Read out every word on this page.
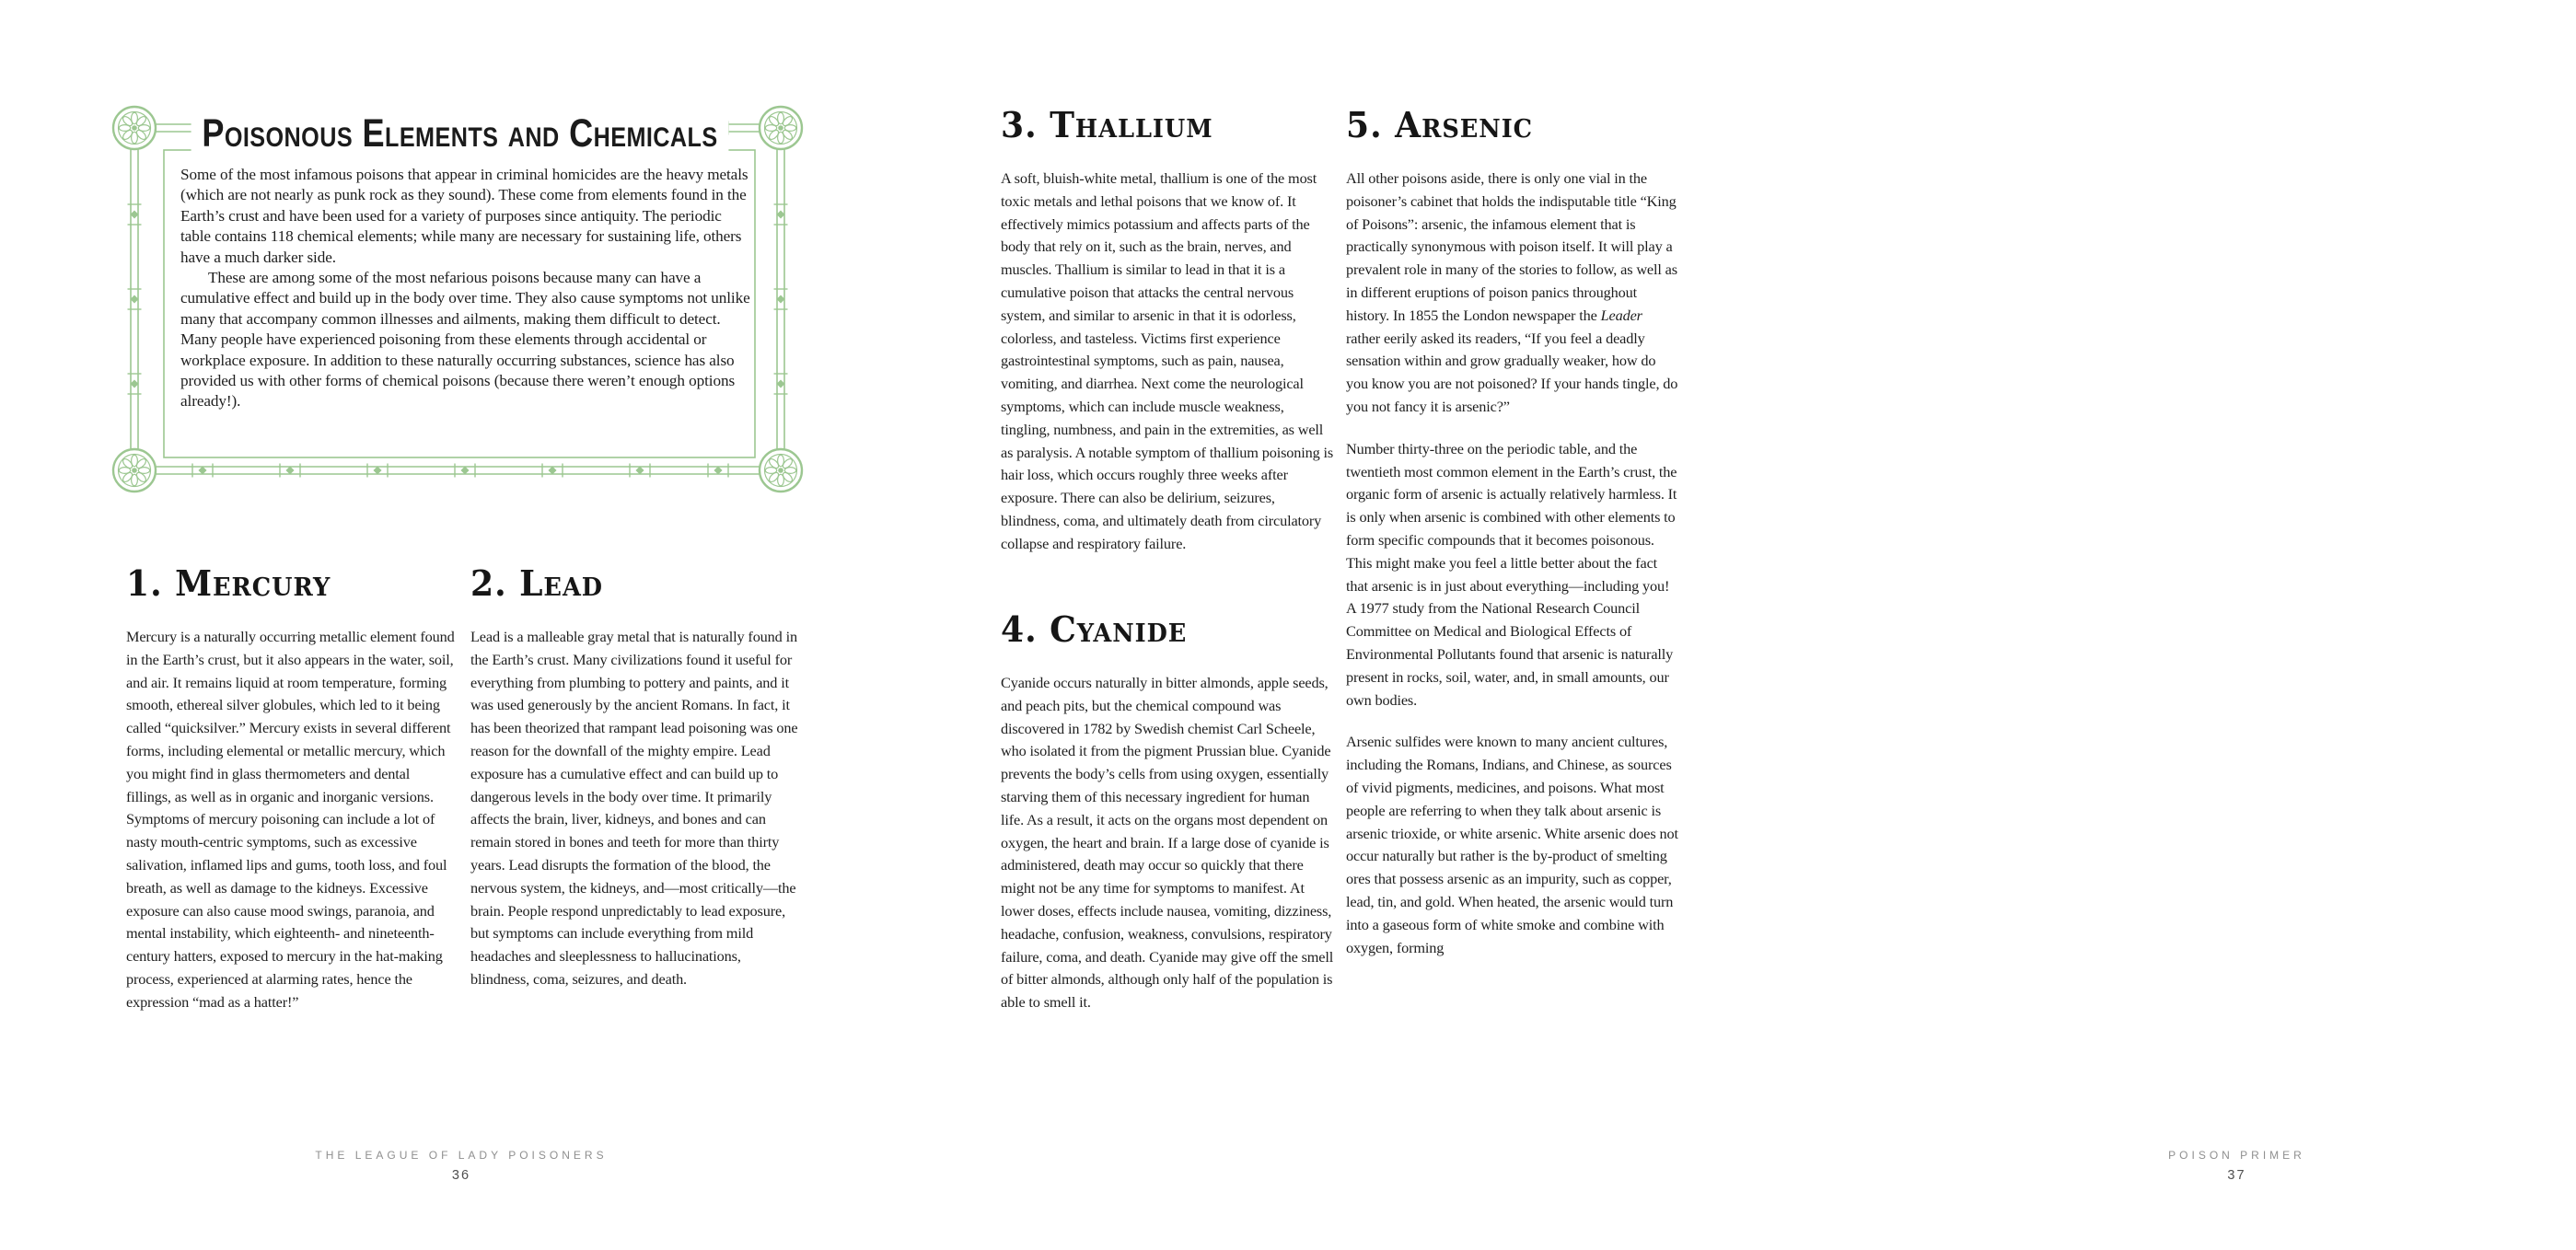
Poisonous Elements and Chemicals

Some of the most infamous poisons that appear in criminal homicides are the heavy metals (which are not nearly as punk rock as they sound). These come from elements found in the Earth’s crust and have been used for a variety of purposes since antiquity. The periodic table contains 118 chemical elements; while many are necessary for sustaining life, others have a much darker side.

These are among some of the most nefarious poisons because many can have a cumulative effect and build up in the body over time. They also cause symptoms not unlike many that accompany common illnesses and ailments, making them difficult to detect. Many people have experienced poisoning from these elements through accidental or workplace exposure. In addition to these naturally occurring substances, science has also provided us with other forms of chemical poisons (because there weren’t enough options already!).

1. Mercury

Mercury is a naturally occurring metallic element found in the Earth’s crust, but it also appears in the water, soil, and air. It remains liquid at room temperature, forming smooth, ethereal silver globules, which led to it being called “quicksilver.” Mercury exists in several different forms, including elemental or metallic mercury, which you might find in glass thermometers and dental fillings, as well as in organic and inorganic versions. Symptoms of mercury poisoning can include a lot of nasty mouth-centric symptoms, such as excessive salivation, inflamed lips and gums, tooth loss, and foul breath, as well as damage to the kidneys. Excessive exposure can also cause mood swings, paranoia, and mental instability, which eighteenth- and nineteenth-century hatters, exposed to mercury in the hat-making process, experienced at alarming rates, hence the expression “mad as a hatter!”

2. Lead

Lead is a malleable gray metal that is naturally found in the Earth’s crust. Many civilizations found it useful for everything from plumbing to pottery and paints, and it was used generously by the ancient Romans. In fact, it has been theorized that rampant lead poisoning was one reason for the downfall of the mighty empire. Lead exposure has a cumulative effect and can build up to dangerous levels in the body over time. It primarily affects the brain, liver, kidneys, and bones and can remain stored in bones and teeth for more than thirty years. Lead disrupts the formation of the blood, the nervous system, the kidneys, and—most critically—the brain. People respond unpredictably to lead exposure, but symptoms can include everything from mild headaches and sleeplessness to hallucinations, blindness, coma, seizures, and death.

THE LEAGUE OF LADY POISONERS
36
POISON PRIMER
37
3. Thallium

A soft, bluish-white metal, thallium is one of the most toxic metals and lethal poisons that we know of. It effectively mimics potassium and affects parts of the body that rely on it, such as the brain, nerves, and muscles. Thallium is similar to lead in that it is a cumulative poison that attacks the central nervous system, and similar to arsenic in that it is odorless, colorless, and tasteless. Victims first experience gastrointestinal symptoms, such as pain, nausea, vomiting, and diarrhea. Next come the neurological symptoms, which can include muscle weakness, tingling, numbness, and pain in the extremities, as well as paralysis. A notable symptom of thallium poisoning is hair loss, which occurs roughly three weeks after exposure. There can also be delirium, seizures, blindness, coma, and ultimately death from circulatory collapse and respiratory failure.

4. Cyanide

Cyanide occurs naturally in bitter almonds, apple seeds, and peach pits, but the chemical compound was discovered in 1782 by Swedish chemist Carl Scheele, who isolated it from the pigment Prussian blue. Cyanide prevents the body’s cells from using oxygen, essentially starving them of this necessary ingredient for human life. As a result, it acts on the organs most dependent on oxygen, the heart and brain. If a large dose of cyanide is administered, death may occur so quickly that there might not be any time for symptoms to manifest. At lower doses, effects include nausea, vomiting, dizziness, headache, confusion, weakness, convulsions, respiratory failure, coma, and death. Cyanide may give off the smell of bitter almonds, although only half of the population is able to smell it.

5. Arsenic

All other poisons aside, there is only one vial in the poisoner’s cabinet that holds the indisputable title “King of Poisons”: arsenic, the infamous element that is practically synonymous with poison itself. It will play a prevalent role in many of the stories to follow, as well as in different eruptions of poison panics throughout history. In 1855 the London newspaper the Leader rather eerily asked its readers, “If you feel a deadly sensation within and grow gradually weaker, how do you know you are not poisoned? If your hands tingle, do you not fancy it is arsenic?”

Number thirty-three on the periodic table, and the twentieth most common element in the Earth’s crust, the organic form of arsenic is actually relatively harmless. It is only when arsenic is combined with other elements to form specific compounds that it becomes poisonous. This might make you feel a little better about the fact that arsenic is in just about everything—including you! A 1977 study from the National Research Council Committee on Medical and Biological Effects of Environmental Pollutants found that arsenic is naturally present in rocks, soil, water, and, in small amounts, our own bodies.

Arsenic sulfides were known to many ancient cultures, including the Romans, Indians, and Chinese, as sources of vivid pigments, medicines, and poisons. What most people are referring to when they talk about arsenic is arsenic trioxide, or white arsenic. White arsenic does not occur naturally but rather is the by-product of smelting ores that possess arsenic as an impurity, such as copper, lead, tin, and gold. When heated, the arsenic would turn into a gaseous form of white smoke and combine with oxygen, forming
